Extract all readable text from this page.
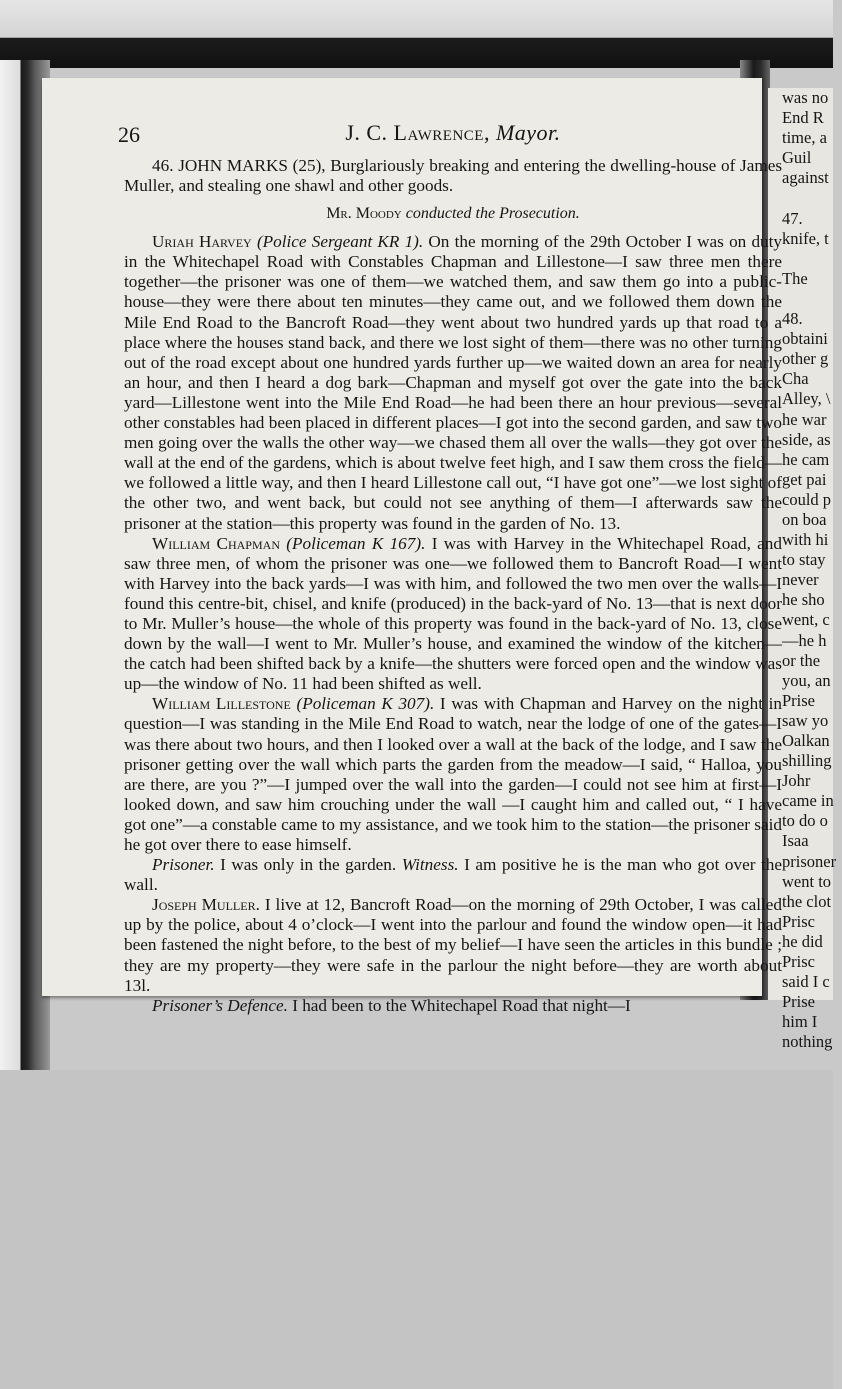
was no
End R
time, a
Guil
against
47.
knife, t
The
48.
obtaini
other g
Cha
Alley, \
he war
side, as
he cam
get pai
could p
on boa
with hi
to stay
never
he sho
went, c
—he h
or the
you, an
Prise
saw yo
Oalkan
shilling
Johr
came in
to do o
Isaa
prisoner
went to
the clot
Prisc
he did
Prisc
said I c
Prise
him I
nothing
26	J. C. Lawrence, Mayor.

46. JOHN MARKS (25), Burglariously breaking and entering the dwelling-house of James Muller, and stealing one shawl and other goods.

Mr. Moody conducted the Prosecution.

Uriah Harvey (Police Sergeant KR 1). On the morning of the 29th October I was on duty in the Whitechapel Road with Constables Chapman and Lillestone—I saw three men there together—the prisoner was one of them—we watched them, and saw them go into a public-house—they were there about ten minutes—they came out, and we followed them down the Mile End Road to the Bancroft Road—they went about two hundred yards up that road to a place where the houses stand back, and there we lost sight of them—there was no other turning out of the road except about one hundred yards further up—we waited down an area for nearly an hour, and then I heard a dog bark—Chapman and myself got over the gate into the back yard—Lillestone went into the Mile End Road—he had been there an hour previous—several other constables had been placed in different places—I got into the second garden, and saw two men going over the walls the other way—we chased them all over the walls—they got over the wall at the end of the gardens, which is about twelve feet high, and I saw them cross the field—we followed a little way, and then I heard Lillestone call out, “I have got one”—we lost sight of the other two, and went back, but could not see anything of them—I afterwards saw the prisoner at the station—this property was found in the garden of No. 13.

William Chapman (Policeman K 167). I was with Harvey in the Whitechapel Road, and saw three men, of whom the prisoner was one—we followed them to Bancroft Road—I went with Harvey into the back yards—I was with him, and followed the two men over the walls—I found this centre-bit, chisel, and knife (produced) in the back-yard of No. 13—that is next door to Mr. Muller’s house—the whole of this property was found in the back-yard of No. 13, close down by the wall—I went to Mr. Muller’s house, and examined the window of the kitchen—the catch had been shifted back by a knife—the shutters were forced open and the window was up—the window of No. 11 had been shifted as well.

William Lillestone (Policeman K 307). I was with Chapman and Harvey on the night in question—I was standing in the Mile End Road to watch, near the lodge of one of the gates—I was there about two hours, and then I looked over a wall at the back of the lodge, and I saw the prisoner getting over the wall which parts the garden from the meadow—I said, “ Halloa, you are there, are you ?”—I jumped over the wall into the garden—I could not see him at first—I looked down, and saw him crouching under the wall —I caught him and called out, “ I have got one”—a constable came to my assistance, and we took him to the station—the prisoner said he got over there to ease himself.

Prisoner. I was only in the garden. Witness. I am positive he is the man who got over the wall.

Joseph Muller. I live at 12, Bancroft Road—on the morning of 29th October, I was called up by the police, about 4 o’clock—I went into the parlour and found the window open—it had been fastened the night before, to the best of my belief—I have seen the articles in this bundle ; they are my property—they were safe in the parlour the night before—they are worth about 13l.

Prisoner’s Defence. I had been to the Whitechapel Road that night—I
